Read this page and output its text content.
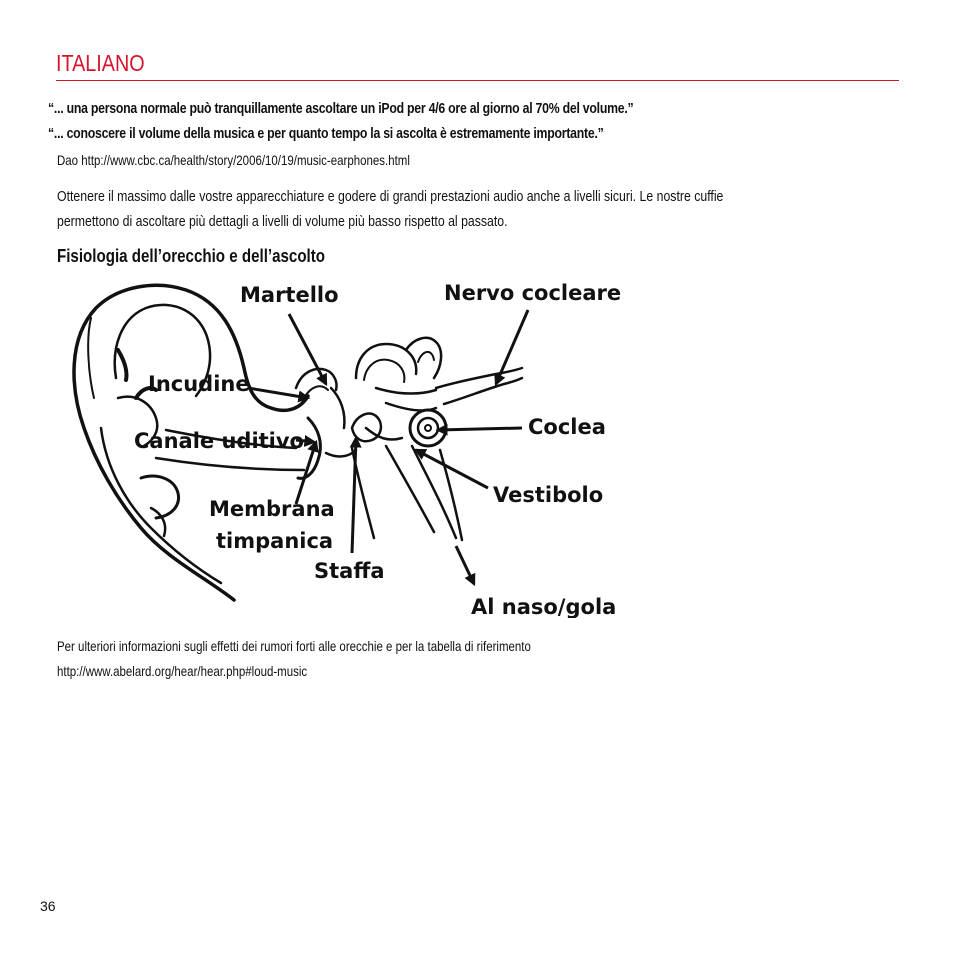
ITALIANO
“... una persona normale può tranquillamente ascoltare un iPod per 4/6 ore al giorno al 70% del volume.”
“... conoscere il volume della musica e per quanto tempo la si ascolta è estremamente importante.”
Dao http://www.cbc.ca/health/story/2006/10/19/music-earphones.html
Ottenere il massimo dalle vostre apparecchiature e godere di grandi prestazioni audio anche a livelli sicuri. Le nostre cuffie
permettono di ascoltare più dettagli a livelli di volume più basso rispetto al passato.
Fisiologia dell’orecchio e dell’ascolto
Martello	Nervo cocleare
Incudine
Canale uditivo
Coclea
Vestibolo
Membrana
timpanica
Staffa
Al naso/gola
Per ulteriori informazioni sugli effetti dei rumori forti alle orecchie e per la tabella di riferimento
http://www.abelard.org/hear/hear.php#loud-music
36
